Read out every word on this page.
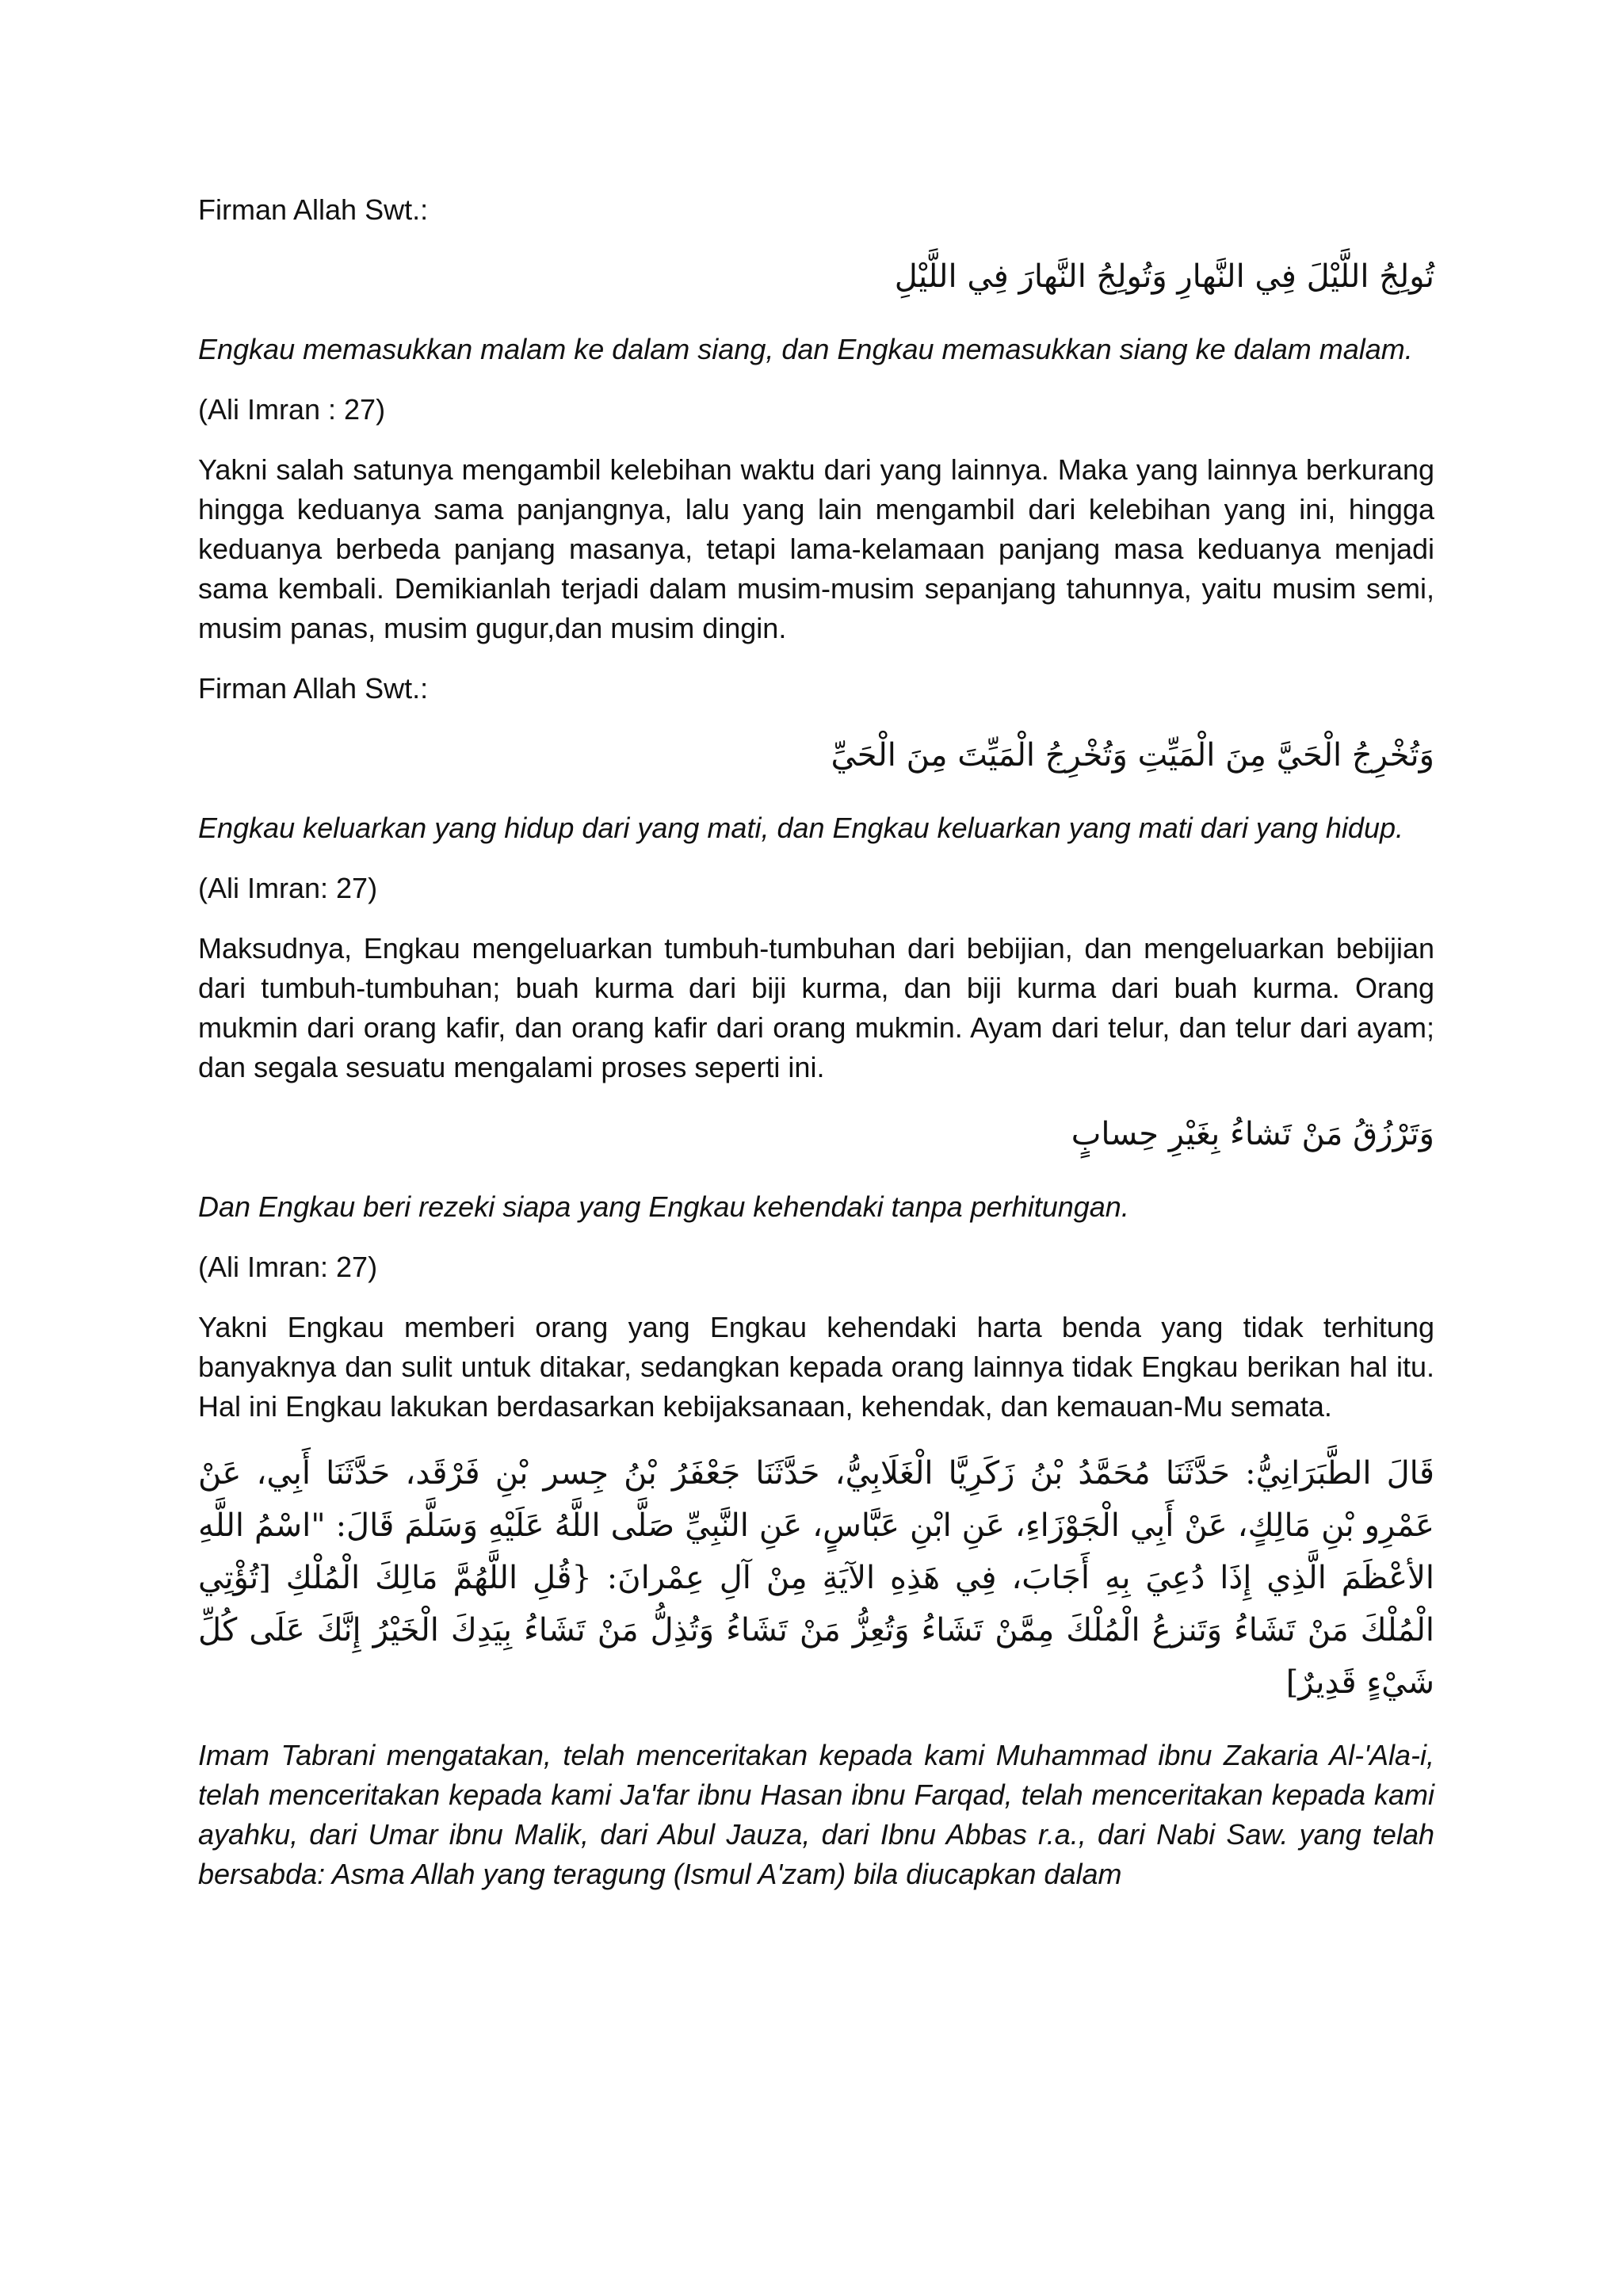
Firman Allah Swt.:

تُولِجُ اللَّيْلَ فِي النَّهارِ وَتُولِجُ النَّهارَ فِي اللَّيْلِ

Engkau memasukkan malam ke dalam siang, dan Engkau memasukkan siang ke dalam malam.

(Ali Imran : 27)

Yakni salah satunya mengambil kelebihan waktu dari yang lainnya. Maka yang lainnya berkurang hingga keduanya sama panjangnya, lalu yang lain mengambil dari kelebihan yang ini, hingga keduanya berbeda panjang masanya, tetapi lama-kelamaan panjang masa keduanya menjadi sama kembali. Demikianlah terjadi dalam musim-musim sepanjang tahunnya, yaitu musim semi, musim panas, musim gugur,dan musim dingin.

Firman Allah Swt.:

وَتُخْرِجُ الْحَيَّ مِنَ الْمَيِّتِ وَتُخْرِجُ الْمَيِّتَ مِنَ الْحَيِّ

Engkau keluarkan yang hidup dari yang mati, dan Engkau keluarkan yang mati dari yang hidup.

(Ali Imran: 27)

Maksudnya, Engkau mengeluarkan tumbuh-tumbuhan dari bebijian, dan mengeluarkan bebijian dari tumbuh-tumbuhan; buah kurma dari biji kurma, dan biji kurma dari buah kurma. Orang mukmin dari orang kafir, dan orang kafir dari orang mukmin. Ayam dari telur, dan telur dari ayam; dan segala sesuatu mengalami proses seperti ini.

وَتَرْزُقُ مَنْ تَشاءُ بِغَيْرِ حِسابٍ

Dan Engkau beri rezeki siapa yang Engkau kehendaki tanpa perhitungan.

(Ali Imran: 27)

Yakni Engkau memberi orang yang Engkau kehendaki harta benda yang tidak terhitung banyaknya dan sulit untuk ditakar, sedangkan kepada orang lainnya tidak Engkau berikan hal itu. Hal ini Engkau lakukan berdasarkan kebijaksanaan, kehendak, dan kemauan-Mu semata.

قَالَ الطَّبَرَانِيُّ: حَدَّثَنَا مُحَمَّدُ بْنُ زَكَرِيَّا الْغَلَابِيُّ، حَدَّثَنَا جَعْفَرُ بْنُ جِسر بْنِ فَرْقَد، حَدَّثَنَا أَبِي، عَنْ عَمْرِو بْنِ مَالِكٍ، عَنْ أَبِي الْجَوْزَاءِ، عَنِ ابْنِ عَبَّاسٍ، عَنِ النَّبِيِّ صَلَّى اللَّهُ عَلَيْهِ وَسَلَّمَ قَالَ: "اسْمُ اللَّهِ الأعْظَمَ الَّذِي إِذَا دُعِيَ بِهِ أَجَابَ، فِي هَذِهِ الآيَةِ مِنْ آلِ عِمْرانَ: {قُلِ اللَّهُمَّ مَالِكَ الْمُلْكِ [تُؤْتِي الْمُلْكَ مَنْ تَشَاءُ وَتَنزعُ الْمُلْكَ مِمَّنْ تَشَاءُ وَتُعِزُّ مَنْ تَشَاءُ وَتُذِلُّ مَنْ تَشَاءُ بِيَدِكَ الْخَيْرُ إِنَّكَ عَلَى كُلِّ شَيْءٍ قَدِيرٌ]

Imam Tabrani mengatakan, telah menceritakan kepada kami Muhammad ibnu Zakaria Al-'Ala-i, telah menceritakan kepada kami Ja'far ibnu Hasan ibnu Farqad, telah menceritakan kepada kami ayahku, dari Umar ibnu Malik, dari Abul Jauza, dari Ibnu Abbas r.a., dari Nabi Saw. yang telah bersabda: Asma Allah yang teragung (Ismul A'zam) bila diucapkan dalam
